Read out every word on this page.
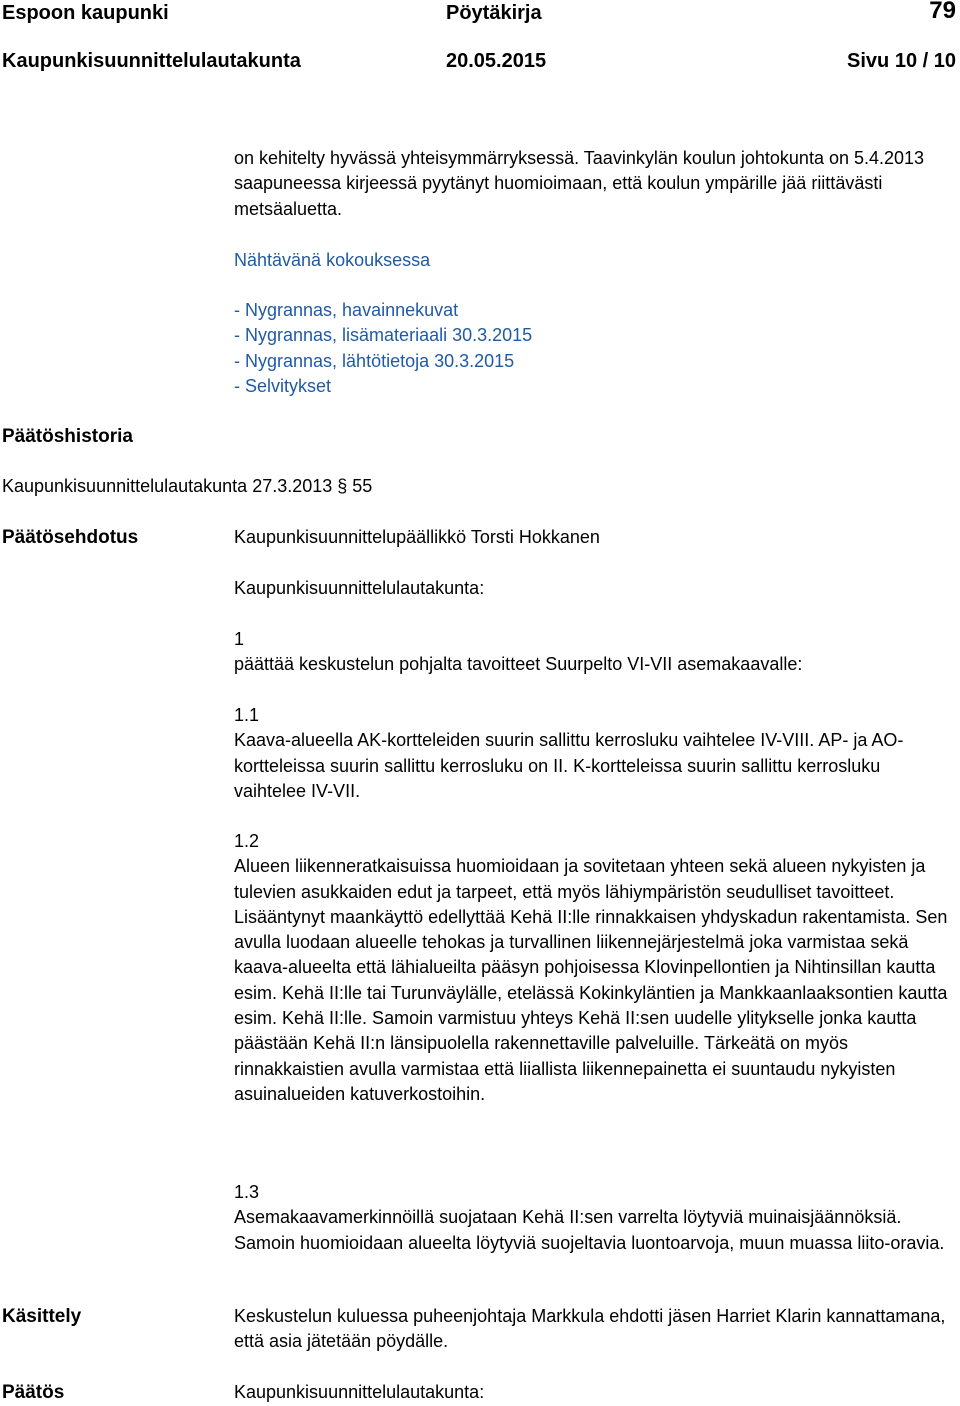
Espoon kaupunki	Pöytäkirja	79
Kaupunkisuunnittelulautakunta	20.05.2015	Sivu 10 / 10

on kehitelty hyvässä yhteisymmärryksessä. Taavinkylän koulun johtokunta on 5.4.2013 saapuneessa kirjeessä pyytänyt huomioimaan, että koulun ympärille jää riittävästi metsäaluetta.

Nähtävänä kokouksessa
- Nygrannas, havainnekuvat
- Nygrannas, lisämateriaali 30.3.2015
- Nygrannas, lähtötietoja 30.3.2015
- Selvitykset
Päätöshistoria
Kaupunkisuunnittelulautakunta 27.3.2013 § 55
Päätösehdotus	Kaupunkisuunnittelupäällikkö Torsti Hokkanen
Kaupunkisuunnittelulautakunta:

1

päättää keskustelun pohjalta tavoitteet Suurpelto VI-VII asemakaavalle:

1.1

Kaava-alueella AK-kortteleiden suurin sallittu kerrosluku vaihtelee IV-VIII. AP- ja AO-kortteleissa suurin sallittu kerrosluku on II. K-kortteleissa suurin sallittu kerrosluku vaihtelee IV-VII.

1.2

Alueen liikenneratkaisuissa huomioidaan ja sovitetaan yhteen sekä alueen nykyisten ja tulevien asukkaiden edut ja tarpeet, että myös lähiympäristön seudulliset tavoitteet. Lisääntynyt maankäyttö edellyttää Kehä II:lle rinnakkaisen yhdyskadun rakentamista. Sen avulla luodaan alueelle tehokas ja turvallinen liikennejärjestelmä joka varmistaa sekä kaava-alueelta että lähialueilta pääsyn pohjoisessa Klovinpellontien ja Nihtinsillan kautta esim. Kehä II:lle tai Turunväylälle, etelässä Kokinkyläntien ja Mankkaanlaaksontien kautta esim. Kehä II:lle. Samoin varmistuu yhteys Kehä II:sen uudelle ylitykselle jonka kautta päästään Kehä II:n länsipuolella rakennettaville palveluille. Tärkeätä on myös rinnakkaistien avulla varmistaa että liiallista liikennepainetta ei suuntaudu nykyisten asuinalueiden katuverkostoihin.

1.3

Asemakaavamerkinnöillä suojataan Kehä II:sen varrelta löytyviä muinaisjäännöksiä. Samoin huomioidaan alueelta löytyviä suojeltavia luontoarvoja, muun muassa liito-oravia.

Käsittely	Keskustelun kuluessa puheenjohtaja Markkula ehdotti jäsen Harriet Klarin kannattamana, että asia jätetään pöydälle.
Päätös	Kaupunkisuunnittelulautakunta:
